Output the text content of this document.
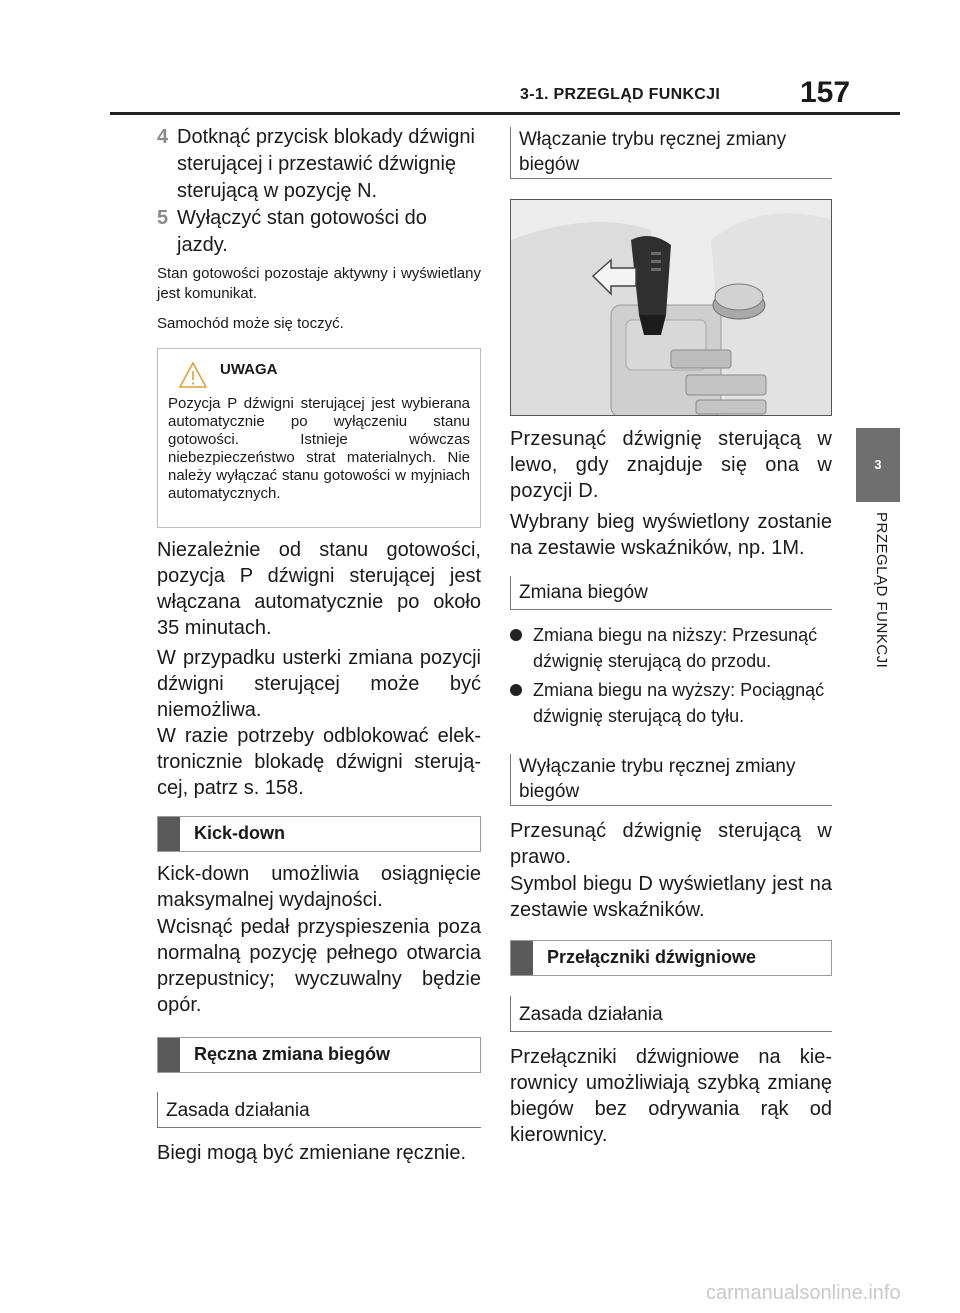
3-1. PRZEGLĄD FUNKCJI	157
3
PRZEGLĄD FUNKCJI
4 Dotknąć przycisk blokady dźwigni sterującej i przestawić dźwignię sterującą w pozycję N.
5 Wyłączyć stan gotowości do jazdy.
Stan gotowości pozostaje aktywny i wyświetlany jest komunikat.
Samochód może się toczyć.
UWAGA
Pozycja P dźwigni sterującej jest wybierana automatycznie po wyłączeniu stanu gotowości. Istnieje wówczas niebezpieczeństwo strat materialnych. Nie należy wyłączać stanu gotowości w myjniach automatycznych.
Niezależnie od stanu gotowości, pozycja P dźwigni sterującej jest włączana automatycznie po około 35 minutach.
W przypadku usterki zmiana pozycji dźwigni sterującej może być niemożliwa.
W razie potrzeby odblokować elektronicznie blokadę dźwigni sterującej, patrz s. 158.
Kick-down
Kick-down umożliwia osiągnięcie maksymalnej wydajności.
Wcisnąć pedał przyspieszenia poza normalną pozycję pełnego otwarcia przepustnicy; wyczuwalny będzie opór.
Ręczna zmiana biegów
Zasada działania
Biegi mogą być zmieniane ręcznie.
Włączanie trybu ręcznej zmiany biegów
Przesunąć dźwignię sterującą w lewo, gdy znajduje się ona w pozycji D.
Wybrany bieg wyświetlony zostanie na zestawie wskaźników, np. 1M.
Zmiana biegów
Zmiana biegu na niższy: Przesunąć dźwignię sterującą do przodu.
Zmiana biegu na wyższy: Pociągnąć dźwignię sterującą do tyłu.
Wyłączanie trybu ręcznej zmiany biegów
Przesunąć dźwignię sterującą w prawo.
Symbol biegu D wyświetlany jest na zestawie wskaźników.
Przełączniki dźwigniowe
Zasada działania
Przełączniki dźwigniowe na kierownicy umożliwiają szybką zmianę biegów bez odrywania rąk od kierownicy.
carmanualsonline.info
